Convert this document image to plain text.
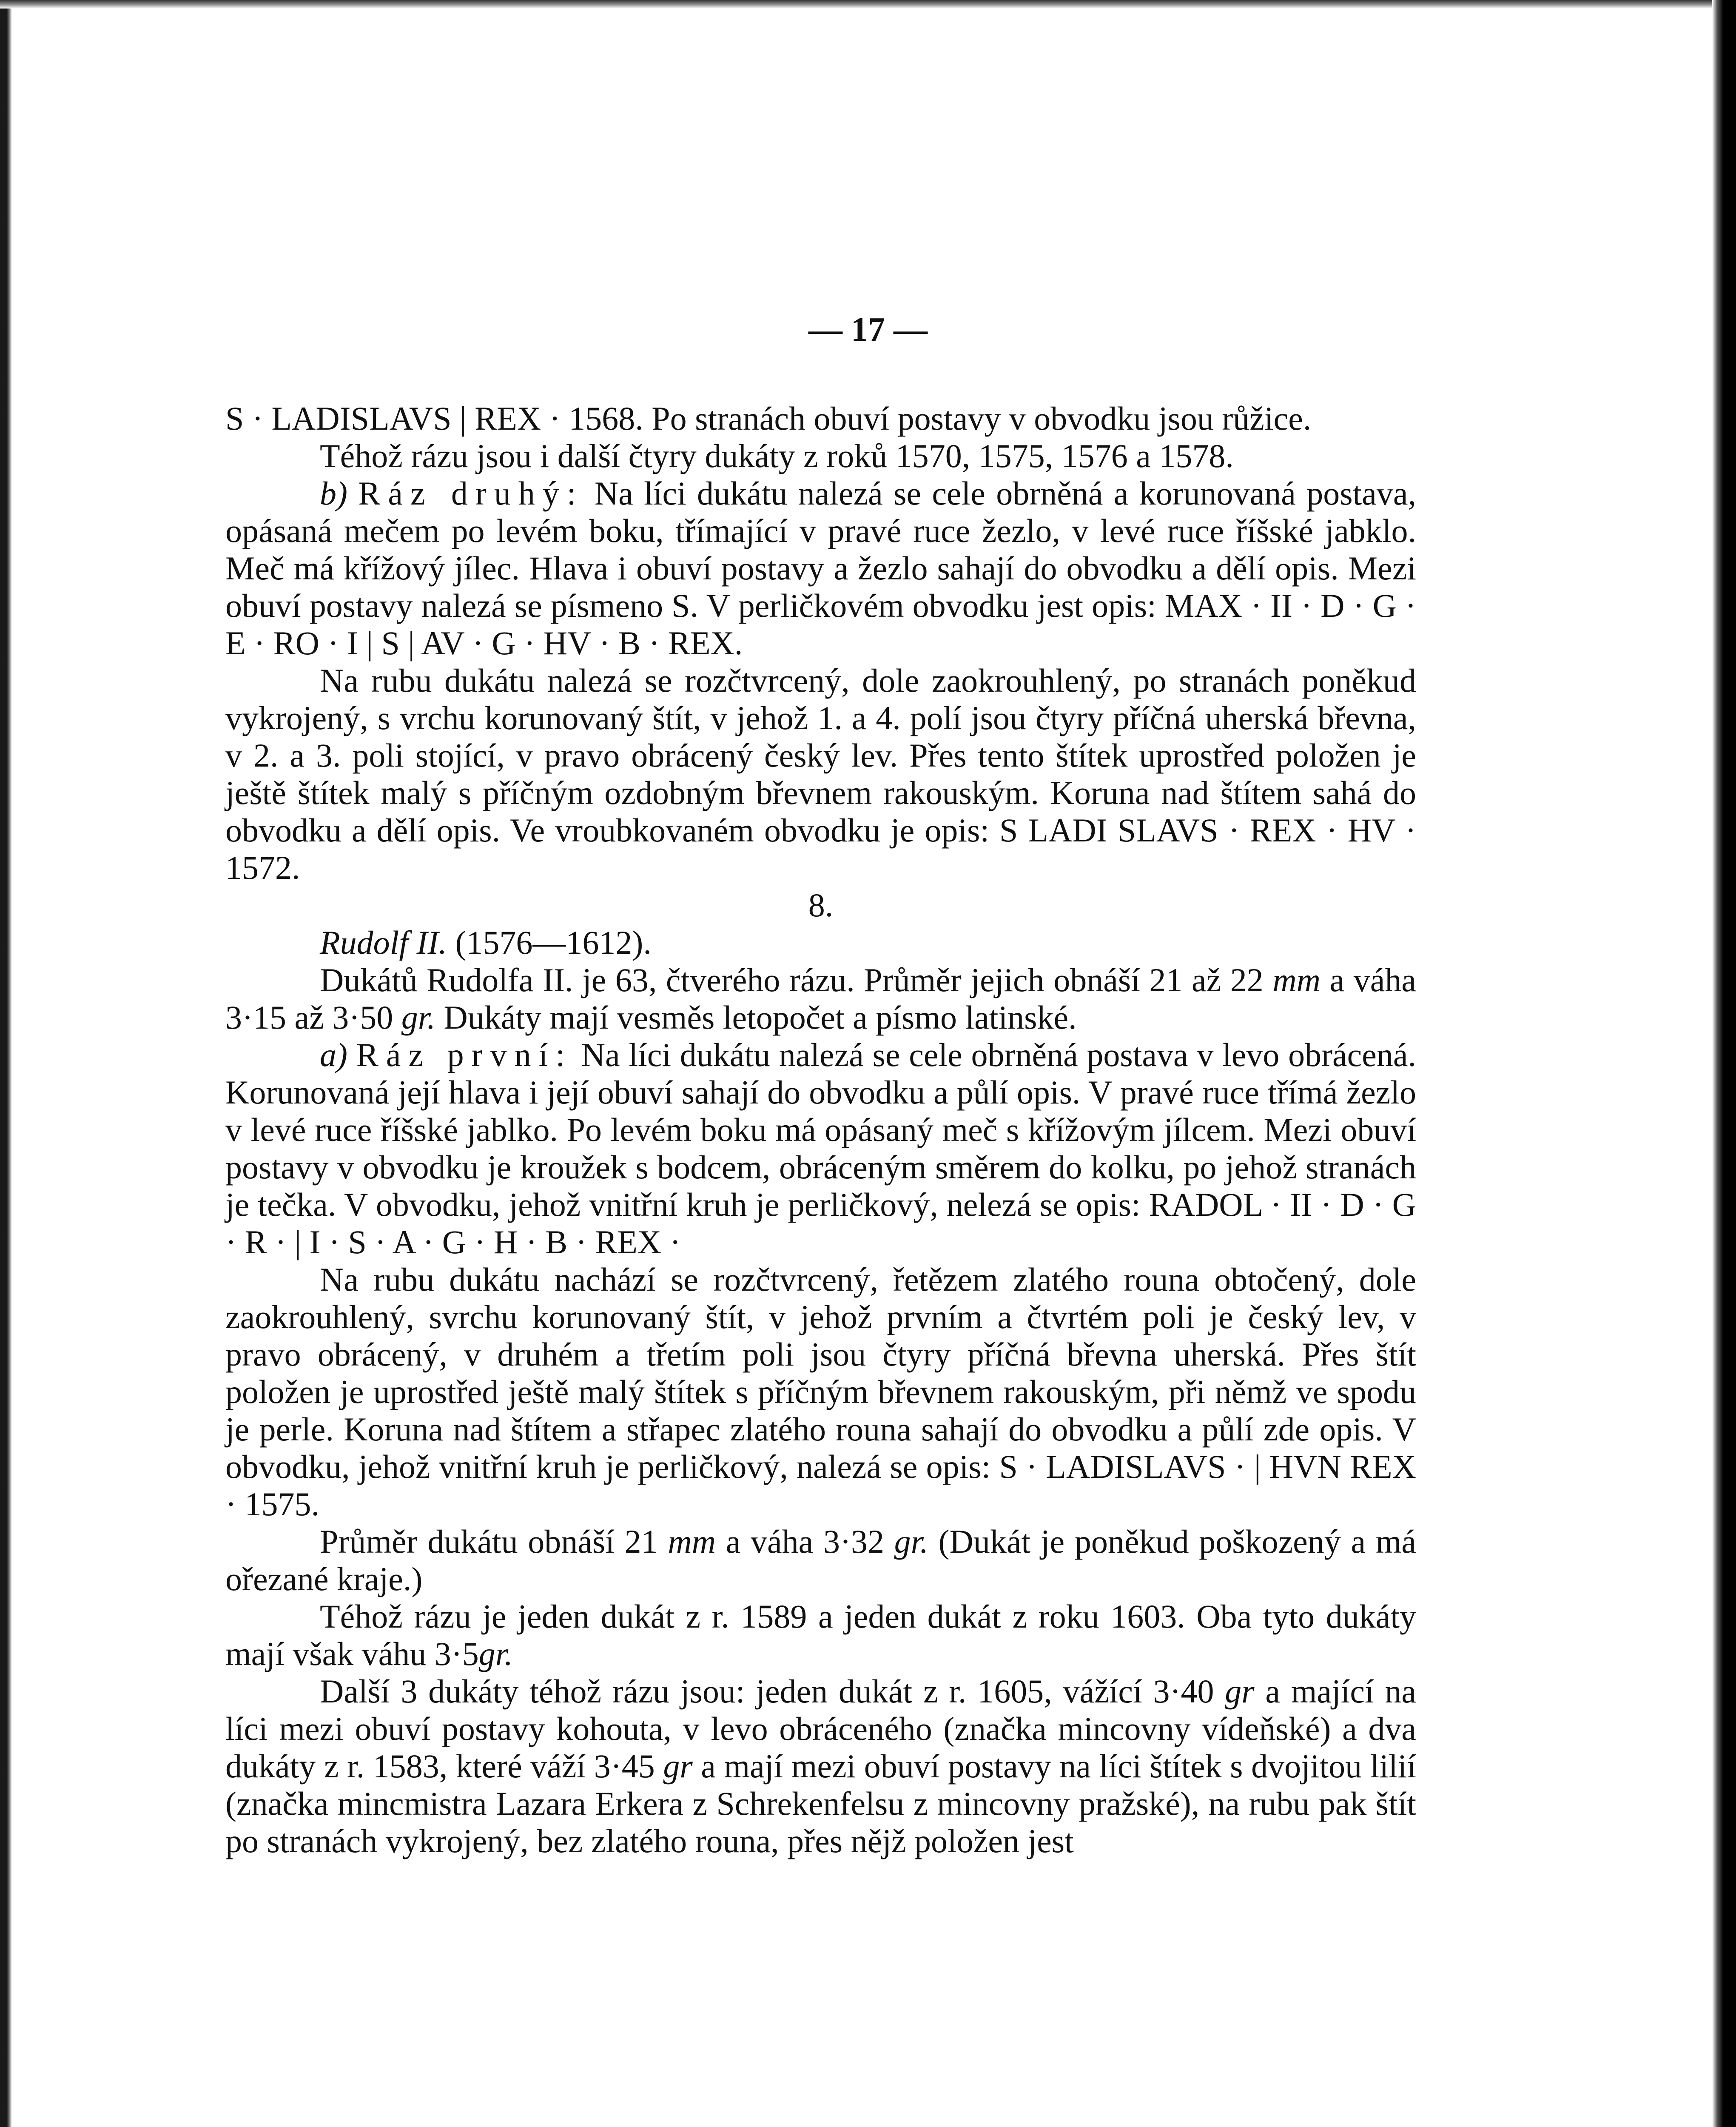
— 17 —

S · LADISLAVS | REX · 1568. Po stranách obuví postavy v obvodku jsou růžice.

Téhož rázu jsou i další čtyry dukáty z roků 1570, 1575, 1576 a 1578.

b) Ráz druhý: Na líci dukátu nalezá se cele obrněná a korunovaná postava, opásaná mečem po levém boku, třímající v pravé ruce žezlo, v levé ruce říšské jabklo. Meč má křížový jílec. Hlava i obuví postavy a žezlo sahají do obvodku a dělí opis. Mezi obuví postavy nalezá se písmeno S. V perličkovém obvodku jest opis: MAX · II · D · G · E · RO · I | S | AV · G · HV · B · REX.

Na rubu dukátu nalezá se rozčtvrcený, dole zaokrouhlený, po stranách poněkud vykrojený, s vrchu korunovaný štít, v jehož 1. a 4. polí jsou čtyry příčná uherská břevna, v 2. a 3. poli stojící, v pravo obrácený český lev. Přes tento štítek uprostřed položen je ještě štítek malý s příčným ozdobným břevnem rakouským. Koruna nad štítem sahá do obvodku a dělí opis. Ve vroubkovaném obvodku je opis: S LADI SLAVS · REX · HV · 1572.

8.

Rudolf II. (1576—1612).

Dukátů Rudolfa II. je 63, čtverého rázu. Průměr jejich obnáší 21 až 22 mm a váha 3·15 až 3·50 gr. Dukáty mají vesměs letopočet a písmo latinské.

a) Ráz první: Na líci dukátu nalezá se cele obrněná postava v levo obrácená. Korunovaná její hlava i její obuví sahají do obvodku a půlí opis. V pravé ruce třímá žezlo v levé ruce říšské jablko. Po levém boku má opásaný meč s křížovým jílcem. Mezi obuví postavy v obvodku je kroužek s bodcem, obráceným směrem do kolku, po jehož stranách je tečka. V obvodku, jehož vnitřní kruh je perličkový, nelezá se opis: RADOL · II · D · G · R · | I · S · A · G · H · B · REX ·

Na rubu dukátu nachází se rozčtvrcený, řetězem zlatého rouna obtočený, dole zaokrouhlený, svrchu korunovaný štít, v jehož prvním a čtvrtém poli je český lev, v pravo obrácený, v druhém a třetím poli jsou čtyry příčná břevna uherská. Přes štít položen je uprostřed ještě malý štítek s příčným břevnem rakouským, při němž ve spodu je perle. Koruna nad štítem a střapec zlatého rouna sahají do obvodku a půlí zde opis. V obvodku, jehož vnitřní kruh je perličkový, nalezá se opis: S · LADISLAVS · | HVN REX · 1575.

Průměr dukátu obnáší 21 mm a váha 3·32 gr. (Dukát je poněkud poškozený a má ořezané kraje.)

Téhož rázu je jeden dukát z r. 1589 a jeden dukát z roku 1603. Oba tyto dukáty mají však váhu 3·5gr.

Další 3 dukáty téhož rázu jsou: jeden dukát z r. 1605, vážící 3·40 gr a mající na líci mezi obuví postavy kohouta, v levo obráceného (značka mincovny vídeňské) a dva dukáty z r. 1583, které váží 3·45 gr a mají mezi obuví postavy na líci štítek s dvojitou lilií (značka mincmistra Lazara Erkera z Schrekenfelsu z mincovny pražské), na rubu pak štít po stranách vykrojený, bez zlatého rouna, přes nějž položen jest
